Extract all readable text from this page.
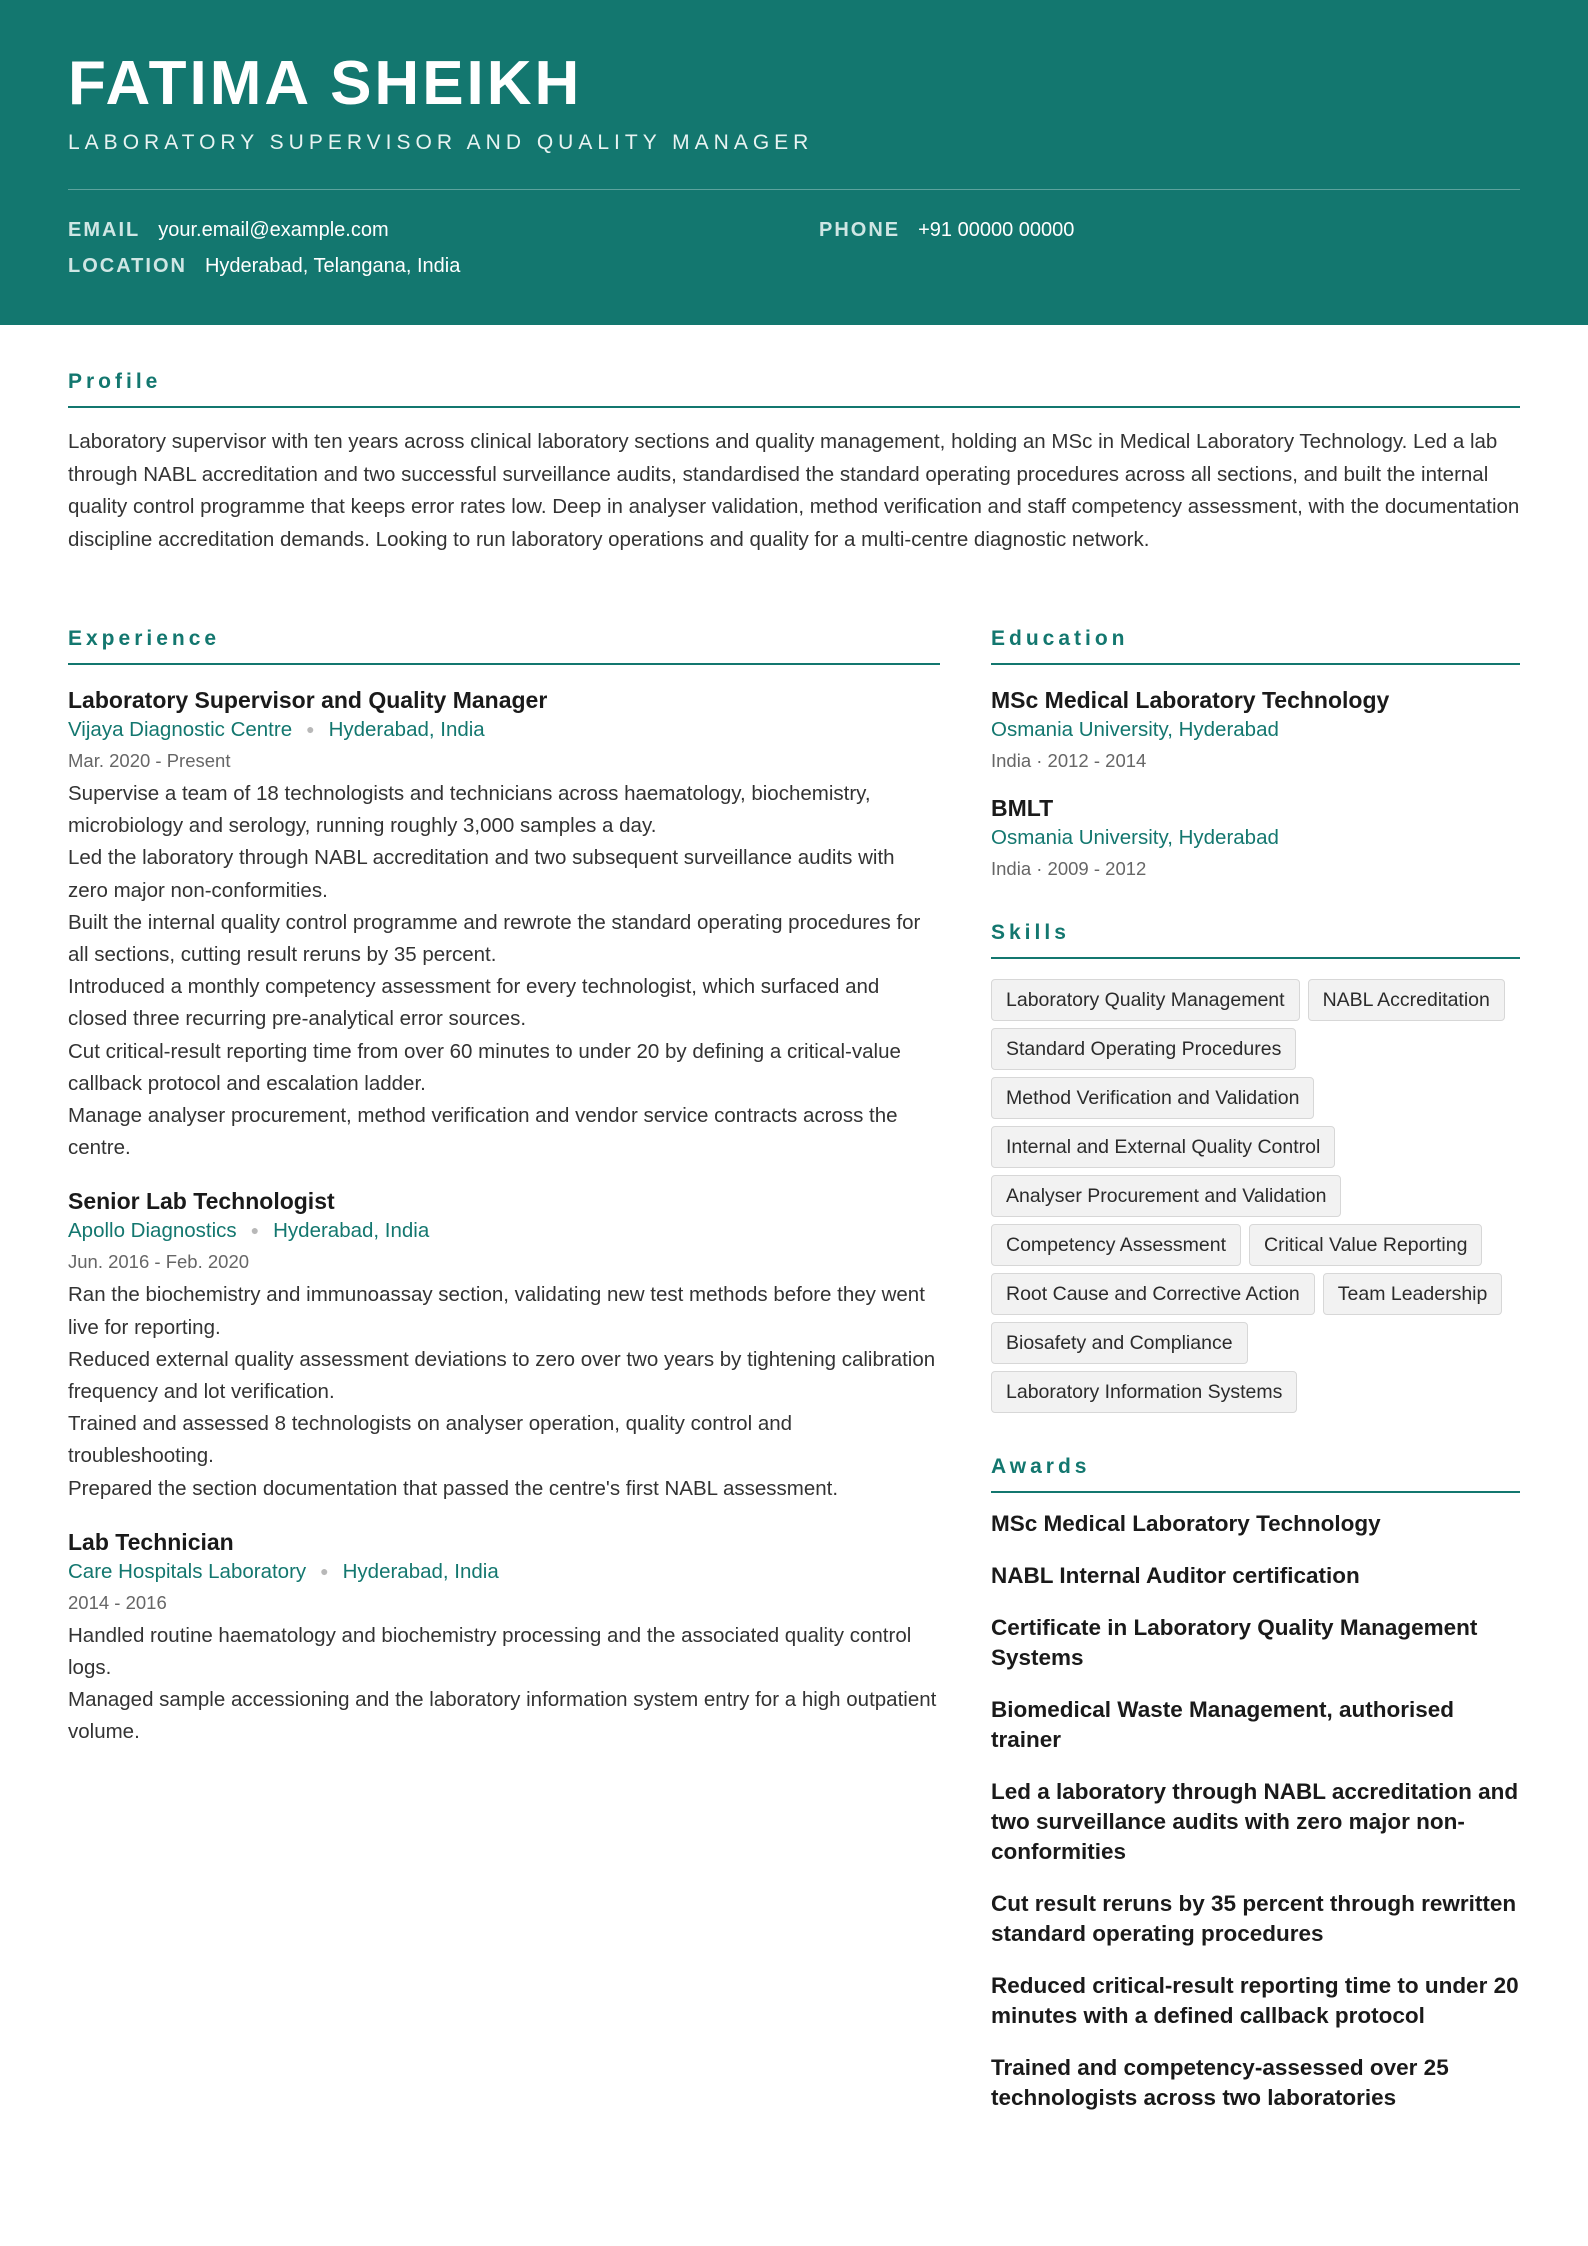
FATIMA SHEIKH
LABORATORY SUPERVISOR AND QUALITY MANAGER
EMAIL your.email@example.com
LOCATION Hyderabad, Telangana, India
PHONE +91 00000 00000
Profile
Laboratory supervisor with ten years across clinical laboratory sections and quality management, holding an MSc in Medical Laboratory Technology. Led a lab through NABL accreditation and two successful surveillance audits, standardised the standard operating procedures across all sections, and built the internal quality control programme that keeps error rates low. Deep in analyser validation, method verification and staff competency assessment, with the documentation discipline accreditation demands. Looking to run laboratory operations and quality for a multi-centre diagnostic network.
Experience
Laboratory Supervisor and Quality Manager
Vijaya Diagnostic Centre ● Hyderabad, India
Mar. 2020 - Present
Supervise a team of 18 technologists and technicians across haematology, biochemistry, microbiology and serology, running roughly 3,000 samples a day.
Led the laboratory through NABL accreditation and two subsequent surveillance audits with zero major non-conformities.
Built the internal quality control programme and rewrote the standard operating procedures for all sections, cutting result reruns by 35 percent.
Introduced a monthly competency assessment for every technologist, which surfaced and closed three recurring pre-analytical error sources.
Cut critical-result reporting time from over 60 minutes to under 20 by defining a critical-value callback protocol and escalation ladder.
Manage analyser procurement, method verification and vendor service contracts across the centre.
Senior Lab Technologist
Apollo Diagnostics ● Hyderabad, India
Jun. 2016 - Feb. 2020
Ran the biochemistry and immunoassay section, validating new test methods before they went live for reporting.
Reduced external quality assessment deviations to zero over two years by tightening calibration frequency and lot verification.
Trained and assessed 8 technologists on analyser operation, quality control and troubleshooting.
Prepared the section documentation that passed the centre's first NABL assessment.
Lab Technician
Care Hospitals Laboratory ● Hyderabad, India
2014 - 2016
Handled routine haematology and biochemistry processing and the associated quality control logs.
Managed sample accessioning and the laboratory information system entry for a high outpatient volume.
Education
MSc Medical Laboratory Technology
Osmania University, Hyderabad
India · 2012 - 2014
BMLT
Osmania University, Hyderabad
India · 2009 - 2012
Skills
Laboratory Quality Management	NABL Accreditation
Standard Operating Procedures
Method Verification and Validation
Internal and External Quality Control
Analyser Procurement and Validation
Competency Assessment	Critical Value Reporting
Root Cause and Corrective Action	Team Leadership
Biosafety and Compliance
Laboratory Information Systems
Awards
MSc Medical Laboratory Technology
NABL Internal Auditor certification
Certificate in Laboratory Quality Management Systems
Biomedical Waste Management, authorised trainer
Led a laboratory through NABL accreditation and two surveillance audits with zero major non-conformities
Cut result reruns by 35 percent through rewritten standard operating procedures
Reduced critical-result reporting time to under 20 minutes with a defined callback protocol
Trained and competency-assessed over 25 technologists across two laboratories
